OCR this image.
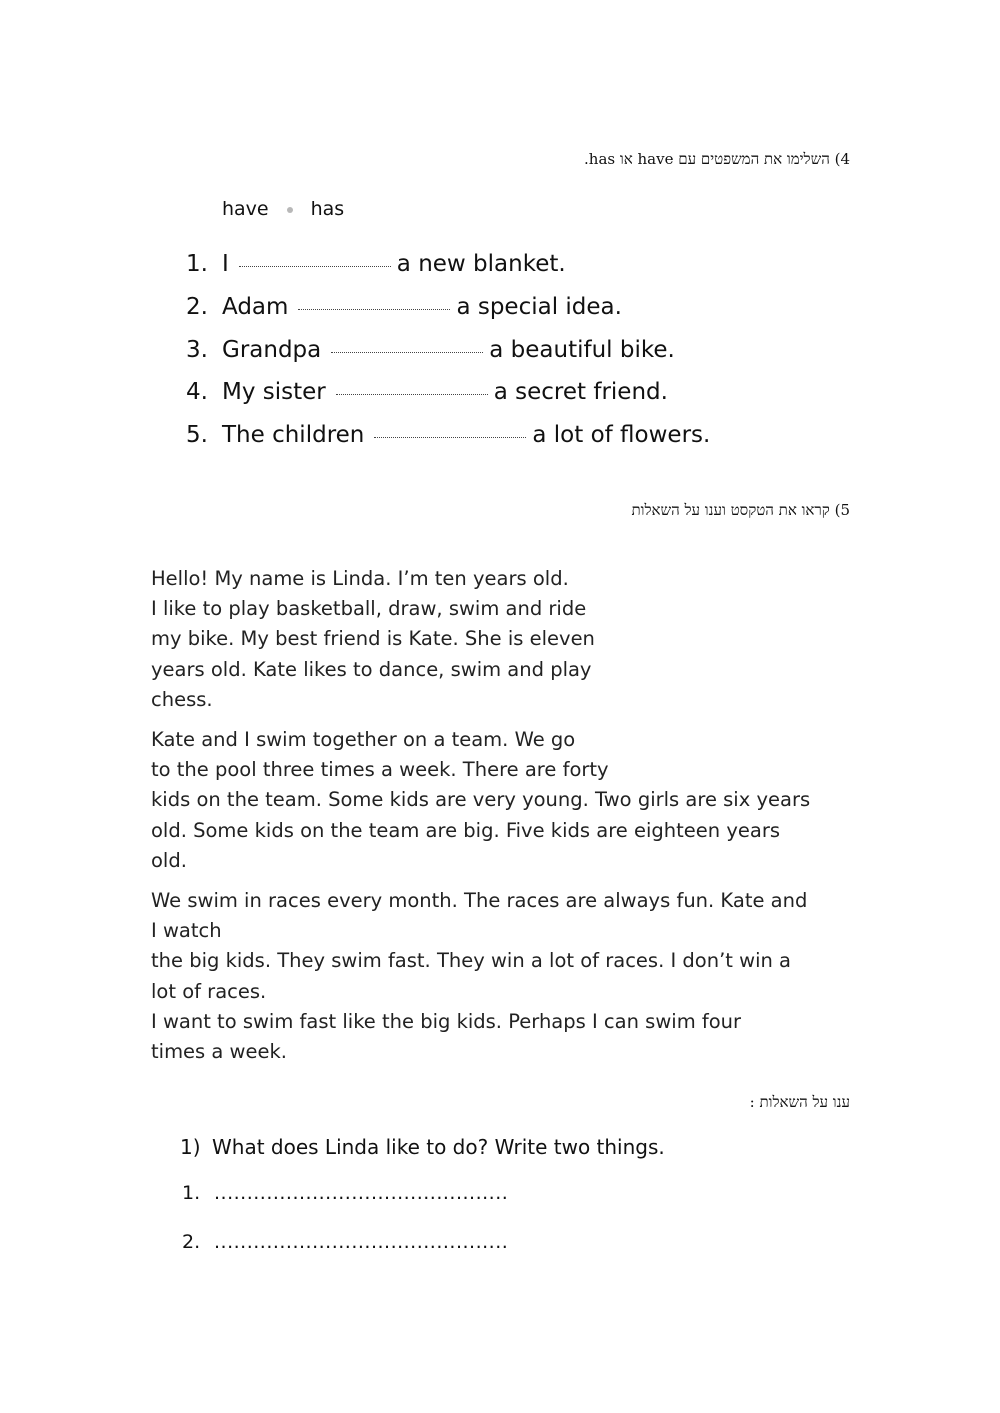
4) השלימו את המשפטים עם have או has.
have has
1. I	a new blanket.
2. Adam	a special idea.
3. Grandpa	a beautiful bike.
4. My sister	a secret friend.
5. The children	a lot of flowers.
5) קראו את הטקסט וענו על השאלות

Hello! My name is Linda. I’m ten years old.
I like to play basketball, draw, swim and ride
my bike. My best friend is Kate. She is eleven
years old. Kate likes to dance, swim and play
chess.

Kate and I swim together on a team. We go
to the pool three times a week. There are forty
kids on the team. Some kids are very young. Two girls are six years
old. Some kids on the team are big. Five kids are eighteen years
old.

We swim in races every month. The races are always fun. Kate and
I watch
the big kids. They swim fast. They win a lot of races. I don’t win a
lot of races.
I want to swim fast like the big kids. Perhaps I can swim four
times a week.

ענו על השאלות :
1) What does Linda like to do? Write two things.
1. .............................................
2. .............................................
